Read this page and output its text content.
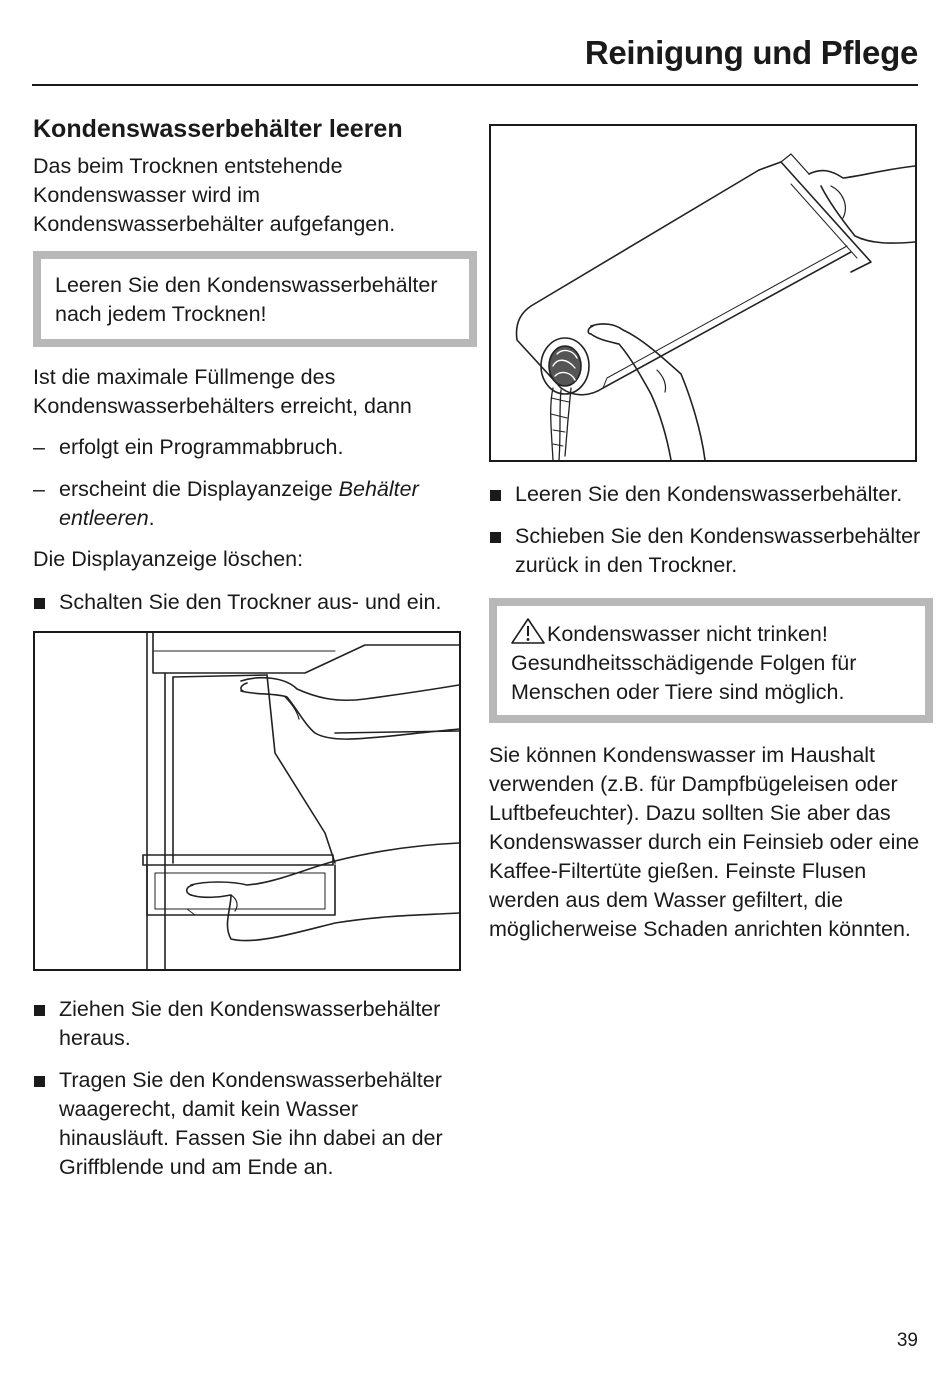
Reinigung und Pflege
Kondenswasserbehälter leeren

Das beim Trocknen entstehende Kondenswasser wird im Kondenswasserbehälter aufgefangen.

Leeren Sie den Kondenswasserbehälter nach jedem Trocknen!

Ist die maximale Füllmenge des Kondenswasserbehälters erreicht, dann

– erfolgt ein Programmabbruch.
– erscheint die Displayanzeige Behälter entleeren.

Die Displayanzeige löschen:

Schalten Sie den Trockner aus- und ein.
Ziehen Sie den Kondenswasserbehälter heraus.
Tragen Sie den Kondenswasserbehälter waagerecht, damit kein Wasser hinausläuft. Fassen Sie ihn dabei an der Griffblende und am Ende an.
Leeren Sie den Kondenswasserbehälter.
Schieben Sie den Kondenswasserbehälter zurück in den Trockner.
Kondenswasser nicht trinken! Gesundheitsschädigende Folgen für Menschen oder Tiere sind möglich.

Sie können Kondenswasser im Haushalt verwenden (z.B. für Dampfbügeleisen oder Luftbefeuchter). Dazu sollten Sie aber das Kondenswasser durch ein Feinsieb oder eine Kaffee-Filtertüte gießen. Feinste Flusen werden aus dem Wasser gefiltert, die möglicherweise Schaden anrichten könnten.

39
